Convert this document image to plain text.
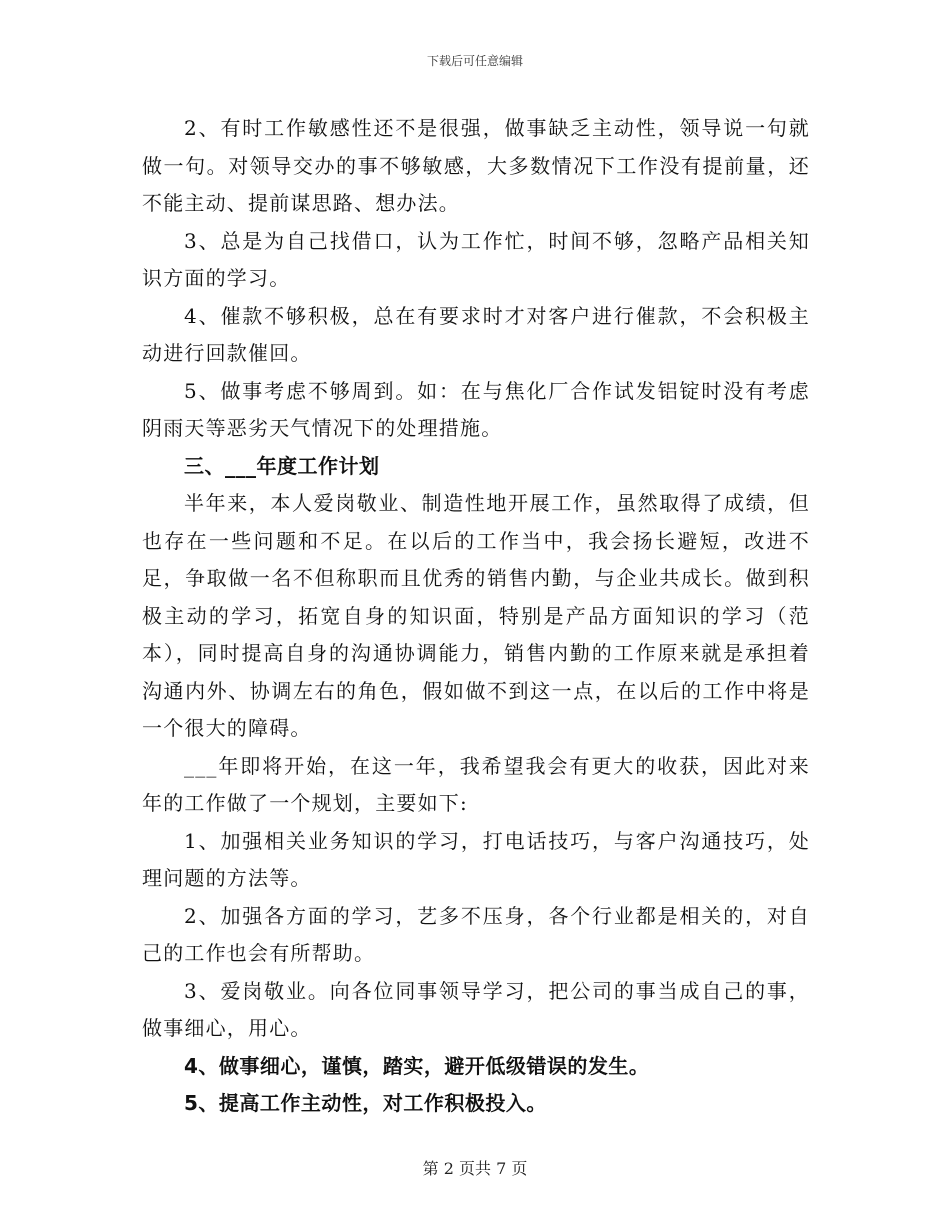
下载后可任意编辑

2、有时工作敏感性还不是很强，做事缺乏主动性，领导说一句就做一句。对领导交办的事不够敏感，大多数情况下工作没有提前量，还不能主动、提前谋思路、想办法。

3、总是为自己找借口，认为工作忙，时间不够，忽略产品相关知识方面的学习。

4、催款不够积极，总在有要求时才对客户进行催款，不会积极主动进行回款催回。

5、做事考虑不够周到。如：在与焦化厂合作试发铝锭时没有考虑阴雨天等恶劣天气情况下的处理措施。

三、___年度工作计划

半年来，本人爱岗敬业、制造性地开展工作，虽然取得了成绩，但也存在一些问题和不足。在以后的工作当中，我会扬长避短，改进不足，争取做一名不但称职而且优秀的销售内勤，与企业共成长。做到积极主动的学习，拓宽自身的知识面，特别是产品方面知识的学习（范本），同时提高自身的沟通协调能力，销售内勤的工作原来就是承担着沟通内外、协调左右的角色，假如做不到这一点，在以后的工作中将是一个很大的障碍。

___年即将开始，在这一年，我希望我会有更大的收获，因此对来年的工作做了一个规划，主要如下:

1、加强相关业务知识的学习，打电话技巧，与客户沟通技巧，处理问题的方法等。

2、加强各方面的学习，艺多不压身，各个行业都是相关的，对自己的工作也会有所帮助。

3、爱岗敬业。向各位同事领导学习，把公司的事当成自己的事，做事细心，用心。

4、做事细心，谨慎，踏实，避开低级错误的发生。

5、提高工作主动性，对工作积极投入。

第 2 页共 7 页
